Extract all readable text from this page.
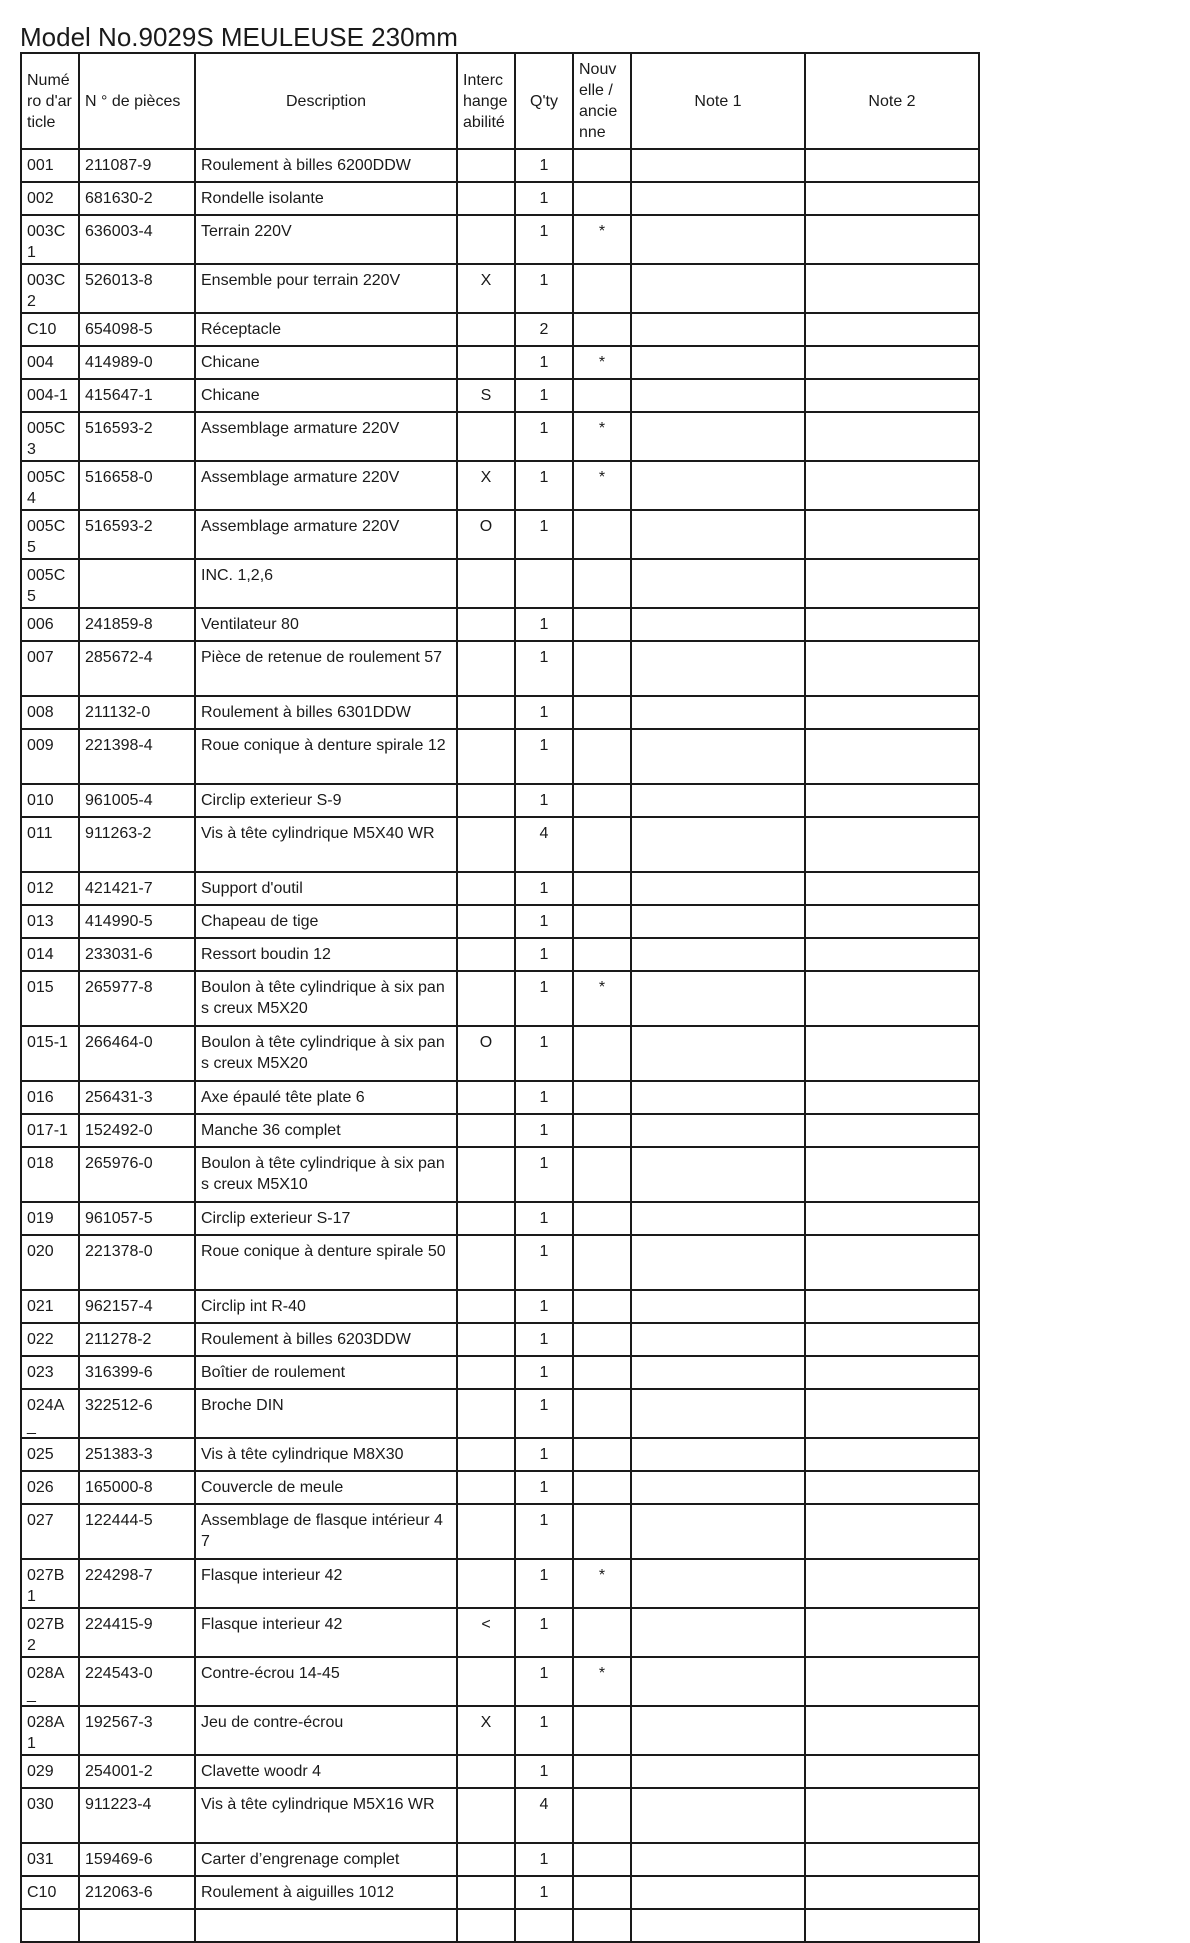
Model No.9029S MEULEUSE 230mm
Numéro d'article	N ° de pièces	Description	Interchangeabilité	Q'ty	Nouvelle / ancienne	Note 1	Note 2
001	211087-9	Roulement à billes 6200DDW		1			
002	681630-2	Rondelle isolante		1			
003C1	636003-4	Terrain 220V		1	*		
003C2	526013-8	Ensemble pour terrain 220V	X	1			
C10	654098-5	Réceptacle		2			
004	414989-0	Chicane		1	*		
004-1	415647-1	Chicane	S	1			
005C3	516593-2	Assemblage armature 220V		1	*		
005C4	516658-0	Assemblage armature 220V	X	1	*		
005C5	516593-2	Assemblage armature 220V	O	1			
005C5		INC. 1,2,6					
006	241859-8	Ventilateur 80		1			
007	285672-4	Pièce de retenue de roulement 57		1			
008	211132-0	Roulement à billes 6301DDW		1			
009	221398-4	Roue conique à denture spirale 12		1			
010	961005-4	Circlip exterieur S-9		1			
011	911263-2	Vis à tête cylindrique M5X40 WR		4			
012	421421-7	Support d'outil		1			
013	414990-5	Chapeau de tige		1			
014	233031-6	Ressort boudin 12		1			
015	265977-8	Boulon à tête cylindrique à six pans creux M5X20		1	*		
015-1	266464-0	Boulon à tête cylindrique à six pans creux M5X20	O	1			
016	256431-3	Axe épaulé tête plate 6		1			
017-1	152492-0	Manche 36 complet		1			
018	265976-0	Boulon à tête cylindrique à six pans creux M5X10		1			
019	961057-5	Circlip exterieur S-17		1			
020	221378-0	Roue conique à denture spirale 50		1			
021	962157-4	Circlip int R-40		1			
022	211278-2	Roulement à billes 6203DDW		1			
023	316399-6	Boîtier de roulement		1			
024A_	322512-6	Broche DIN		1			
025	251383-3	Vis à tête cylindrique M8X30		1			
026	165000-8	Couvercle de meule		1			
027	122444-5	Assemblage de flasque intérieur 47		1			
027B1	224298-7	Flasque interieur 42		1	*		
027B2	224415-9	Flasque interieur 42	<	1			
028A_	224543-0	Contre-écrou 14-45		1	*		
028A1	192567-3	Jeu de contre-écrou	X	1			
029	254001-2	Clavette woodr 4		1			
030	911223-4	Vis à tête cylindrique M5X16 WR		4			
031	159469-6	Carter d’engrenage complet		1			
C10	212063-6	Roulement à aiguilles 1012		1			
